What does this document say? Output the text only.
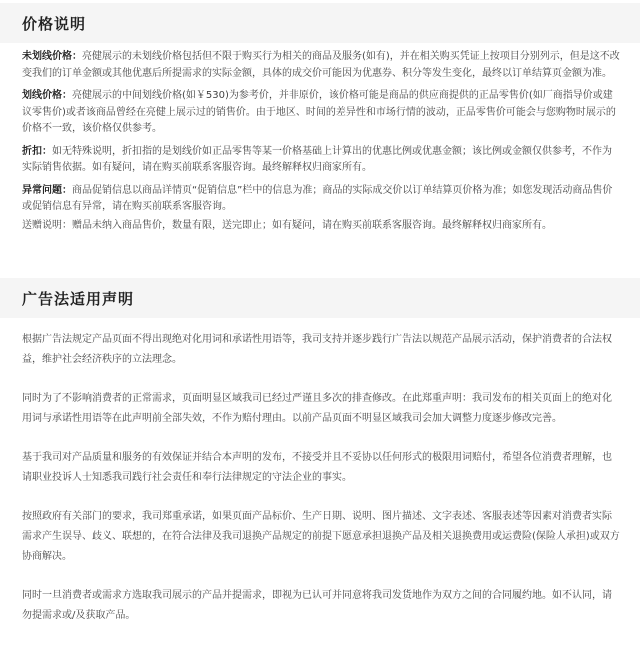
价格说明

未划线价格：亮健展示的未划线价格包括但不限于购买行为相关的商品及服务(如有)，并在相关购买凭证上按项目分别列示，但是这不改变我们的订单金额或其他优惠后所提需求的实际金额，具体的成交价可能因为优惠券、积分等发生变化，最终以订单结算页金额为准。

划线价格：亮健展示的中间划线价格(如￥530)为参考价，并非原价，该价格可能是商品的供应商提供的正品零售价(如厂商指导价或建议零售价)或者该商品曾经在亮健上展示过的销售价。由于地区、时间的差异性和市场行情的波动，正品零售价可能会与您购物时展示的价格不一致，该价格仅供参考。

折扣：如无特殊说明，折扣指的是划线价如正品零售等某一价格基础上计算出的优惠比例或优惠金额；该比例或金额仅供参考，不作为实际销售依据。如有疑问，请在购买前联系客服咨询。最终解释权归商家所有。

异常问题：商品促销信息以商品详情页“促销信息”栏中的信息为准；商品的实际成交价以订单结算页价格为准；如您发现活动商品售价或促销信息有异常，请在购买前联系客服咨询。

送赠说明：赠品未纳入商品售价，数量有限，送完即止；如有疑问，请在购买前联系客服咨询。最终解释权归商家所有。

广告法适用声明

根据广告法规定产品页面不得出现绝对化用词和承诺性用语等，我司支持并逐步践行广告法以规范产品展示活动，保护消费者的合法权益，维护社会经济秩序的立法理念。

同时为了不影响消费者的正常需求，页面明显区域我司已经过严谨且多次的排查修改。在此郑重声明：我司发布的相关页面上的绝对化用词与承诺性用语等在此声明前全部失效，不作为赔付理由。以前产品页面不明显区域我司会加大调整力度逐步修改完善。

基于我司对产品质量和服务的有效保证并结合本声明的发布，不接受并且不妥协以任何形式的极限用词赔付，希望各位消费者理解，也请职业投诉人士知悉我司践行社会责任和奉行法律规定的守法企业的事实。

按照政府有关部门的要求，我司郑重承诺，如果页面产品标价、生产日期、说明、图片描述、文字表述、客服表述等因素对消费者实际需求产生误导、歧义、联想的，在符合法律及我司退换产品规定的前提下愿意承担退换产品及相关退换费用或运费险(保险人承担)或双方协商解决。

同时一旦消费者或需求方选取我司展示的产品并提需求，即视为已认可并同意将我司发货地作为双方之间的合同履约地。如不认同，请勿提需求或/及获取产品。
